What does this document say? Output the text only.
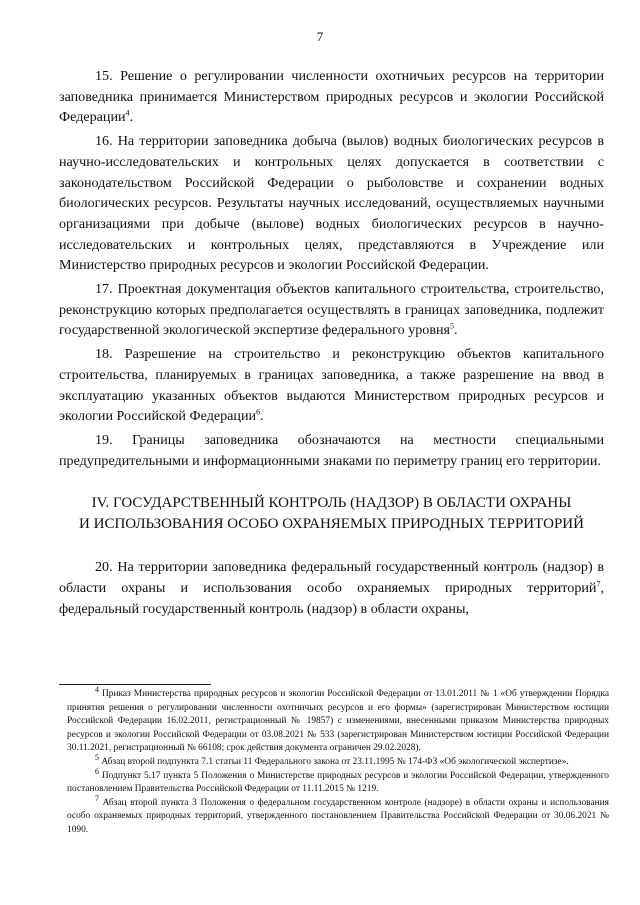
7

15. Решение о регулировании численности охотничьих ресурсов на территории заповедника принимается Министерством природных ресурсов и экологии Российской Федерации$^4$.

16. На территории заповедника добыча (вылов) водных биологических ресурсов в научно-исследовательских и контрольных целях допускается в соответствии с законодательством Российской Федерации о рыболовстве и сохранении водных биологических ресурсов. Результаты научных исследований, осуществляемых научными организациями при добыче (вылове) водных биологических ресурсов в научно-исследовательских и контрольных целях, представляются в Учреждение или Министерство природных ресурсов и экологии Российской Федерации.

17. Проектная документация объектов капитального строительства, строительство, реконструкцию которых предполагается осуществлять в границах заповедника, подлежит государственной экологической экспертизе федерального уровня$^5$.

18. Разрешение на строительство и реконструкцию объектов капитального строительства, планируемых в границах заповедника, а также разрешение на ввод в эксплуатацию указанных объектов выдаются Министерством природных ресурсов и экологии Российской Федерации$^6$.

19. Границы заповедника обозначаются на местности специальными предупредительными и информационными знаками по периметру границ его территории.

IV. ГОСУДАРСТВЕННЫЙ КОНТРОЛЬ (НАДЗОР) В ОБЛАСТИ ОХРАНЫ
И ИСПОЛЬЗОВАНИЯ ОСОБО ОХРАНЯЕМЫХ ПРИРОДНЫХ ТЕРРИТОРИЙ

20. На территории заповедника федеральный государственный контроль (надзор) в области охраны и использования особо охраняемых природных территорий$^7$, федеральный государственный контроль (надзор) в области охраны,

$^4$ Приказ Министерства природных ресурсов и экологии Российской Федерации от 13.01.2011 № 1 «Об утверждении Порядка принятия решения о регулировании численности охотничьих ресурсов и его формы» (зарегистрирован Министерством юстиции Российской Федерации 16.02.2011, регистрационный № 19857) с изменениями, внесенными приказом Министерства природных ресурсов и экологии Российской Федерации от 03.08.2021 № 533 (зарегистрирован Министерством юстиции Российской Федерации 30.11.2021, регистрационный № 66108; срок действия документа ограничен 29.02.2028).

$^5$ Абзац второй подпункта 7.1 статьи 11 Федерального закона от 23.11.1995 № 174-ФЗ «Об экологической экспертизе».

$^6$ Подпункт 5.17 пункта 5 Положения о Министерстве природных ресурсов и экологии Российской Федерации, утвержденного постановлением Правительства Российской Федерации от 11.11.2015 № 1219.

$^7$ Абзац второй пункта 3 Положения о федеральном государственном контроле (надзоре) в области охраны и использования особо охраняемых природных территорий, утвержденного постановлением Правительства Российской Федерации от 30.06.2021 № 1090.
